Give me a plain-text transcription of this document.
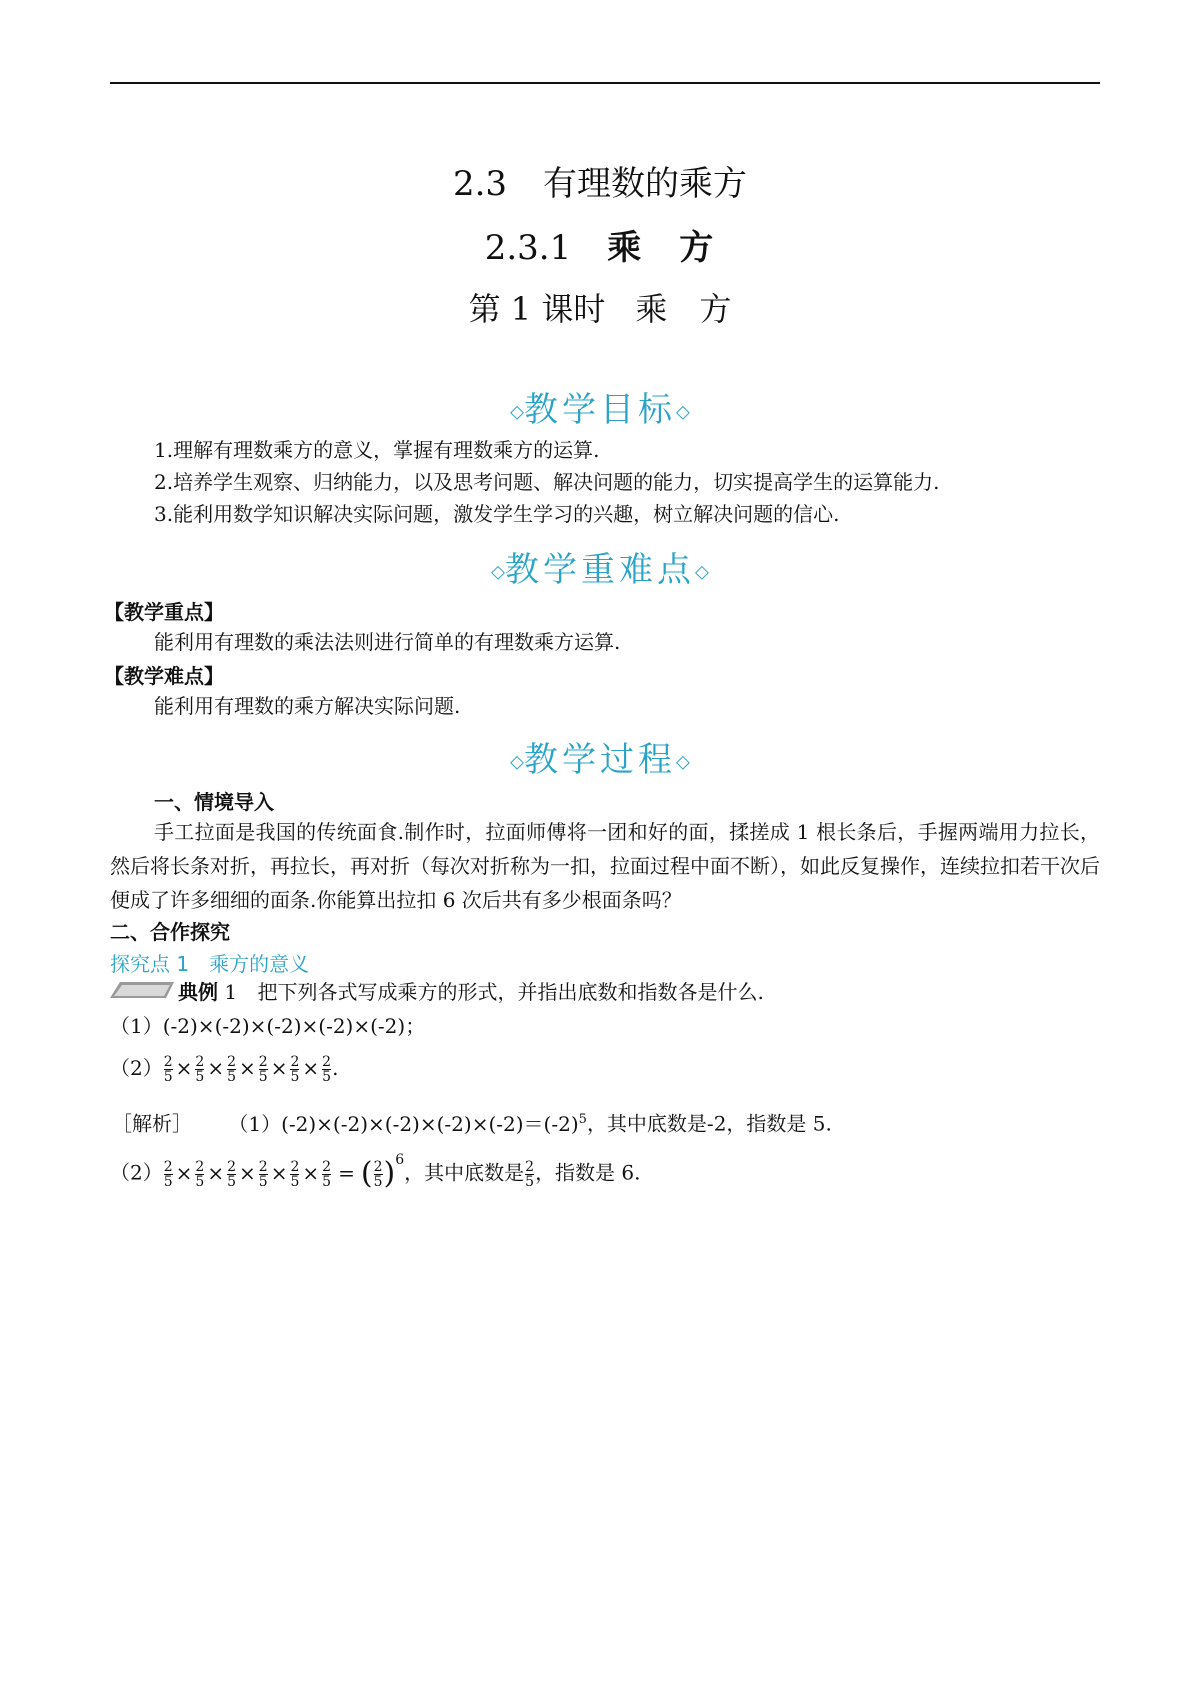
2.3 有理数的乘方
2.3.1 乘　方
第 1 课时 乘　方
◇教学目标◇
1.理解有理数乘方的意义，掌握有理数乘方的运算.
2.培养学生观察、归纳能力，以及思考问题、解决问题的能力，切实提高学生的运算能力.
3.能利用数学知识解决实际问题，激发学生学习的兴趣，树立解决问题的信心.
◇教学重难点◇
【教学重点】
能利用有理数的乘法法则进行简单的有理数乘方运算.
【教学难点】
能利用有理数的乘方解决实际问题.
◇教学过程◇
一、情境导入
手工拉面是我国的传统面食.制作时，拉面师傅将一团和好的面，揉搓成 1 根长条后，手握两端用力拉长，然后将长条对折，再拉长，再对折（每次对折称为一扣，拉面过程中面不断），如此反复操作，连续拉扣若干次后便成了许多细细的面条.你能算出拉扣 6 次后共有多少根面条吗？
二、合作探究
探究点 1　乘方的意义
典例 1 把下列各式写成乘方的形式，并指出底数和指数各是什么.
（1）(-2)×(-2)×(-2)×(-2)×(-2)；
$(2) \frac{2}{5} \times \frac{2}{5} \times \frac{2}{5} \times \frac{2}{5} \times \frac{2}{5} \times \frac{2}{5}$ .
［解析］ $(1)(-2)\times(-2)\times(-2)\times(-2)\times(-2)=(-2)^5$，其中底数是-2，指数是 5.
$(2) \frac{2}{5} \times \frac{2}{5} \times \frac{2}{5} \times \frac{2}{5} \times \frac{2}{5} \times \frac{2}{5}$ = ( $\frac{2}{5} )^6$，其中底数是 $\frac{2}{5}$ ，指数是 6.
